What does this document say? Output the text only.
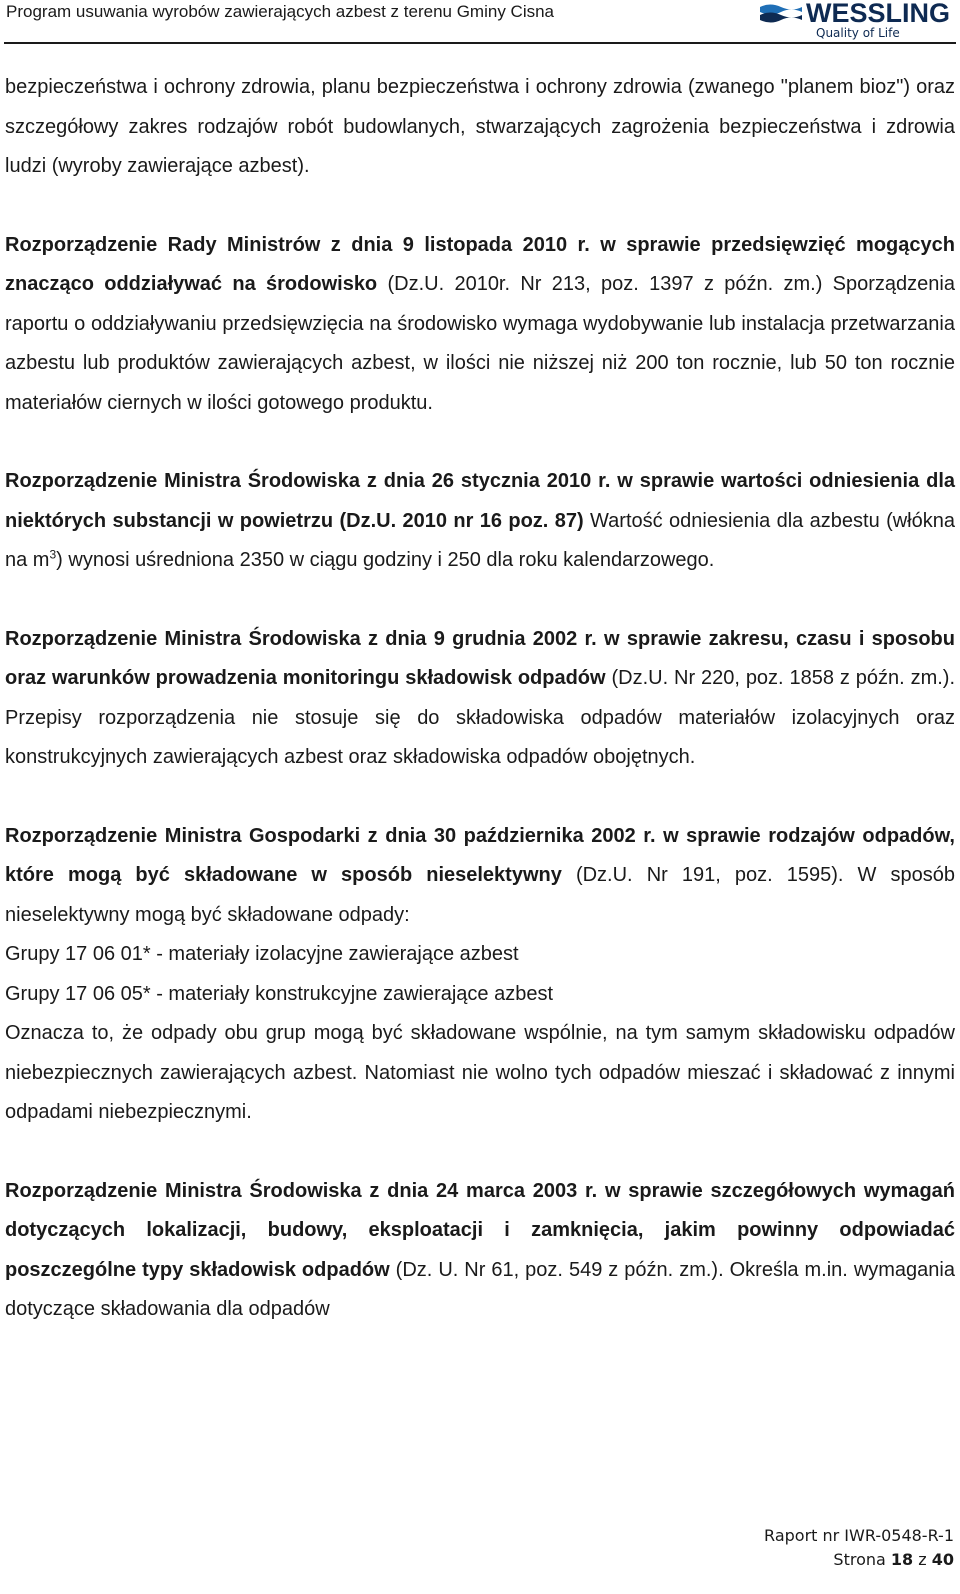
Program usuwania wyrobów zawierających azbest z terenu Gminy Cisna	WESSLING
Quality of Life

bezpieczeństwa i ochrony zdrowia, planu bezpieczeństwa i ochrony zdrowia (zwanego "planem bioz") oraz szczegółowy zakres rodzajów robót budowlanych, stwarzających zagrożenia bezpieczeństwa i zdrowia ludzi (wyroby zawierające azbest).

Rozporządzenie Rady Ministrów z dnia 9 listopada 2010 r. w sprawie przedsięwzięć mogących znacząco oddziaływać na środowisko (Dz.U. 2010r. Nr 213, poz. 1397 z późn. zm.) Sporządzenia raportu o oddziaływaniu przedsięwzięcia na środowisko wymaga wydobywanie lub instalacja przetwarzania azbestu lub produktów zawierających azbest, w ilości nie niższej niż 200 ton rocznie, lub 50 ton rocznie materiałów ciernych w ilości gotowego produktu.

Rozporządzenie Ministra Środowiska z dnia 26 stycznia 2010 r. w sprawie wartości odniesienia dla niektórych substancji w powietrzu (Dz.U. 2010 nr 16 poz. 87) Wartość odniesienia dla azbestu (włókna na $m^3$) wynosi uśredniona 2350 w ciągu godziny i 250 dla roku kalendarzowego.

Rozporządzenie Ministra Środowiska z dnia 9 grudnia 2002 r. w sprawie zakresu, czasu i sposobu oraz warunków prowadzenia monitoringu składowisk odpadów (Dz.U. Nr 220, poz. 1858 z późn. zm.). Przepisy rozporządzenia nie stosuje się do składowiska odpadów materiałów izolacyjnych oraz konstrukcyjnych zawierających azbest oraz składowiska odpadów obojętnych.

Rozporządzenie Ministra Gospodarki z dnia 30 października 2002 r. w sprawie rodzajów odpadów, które mogą być składowane w sposób nieselektywny (Dz.U. Nr 191, poz. 1595). W sposób nieselektywny mogą być składowane odpady:

Grupy 17 06 01* - materiały izolacyjne zawierające azbest

Grupy 17 06 05* - materiały konstrukcyjne zawierające azbest

Oznacza to, że odpady obu grup mogą być składowane wspólnie, na tym samym składowisku odpadów niebezpiecznych zawierających azbest. Natomiast nie wolno tych odpadów mieszać i składować z innymi odpadami niebezpiecznymi.

Rozporządzenie Ministra Środowiska z dnia 24 marca 2003 r. w sprawie szczegółowych wymagań dotyczących lokalizacji, budowy, eksploatacji i zamknięcia, jakim powinny odpowiadać poszczególne typy składowisk odpadów (Dz. U. Nr 61, poz. 549 z późn. zm.). Określa m.in. wymagania dotyczące składowania dla odpadów

Raport nr IWR-0548-R-1
Strona 18 z 40
